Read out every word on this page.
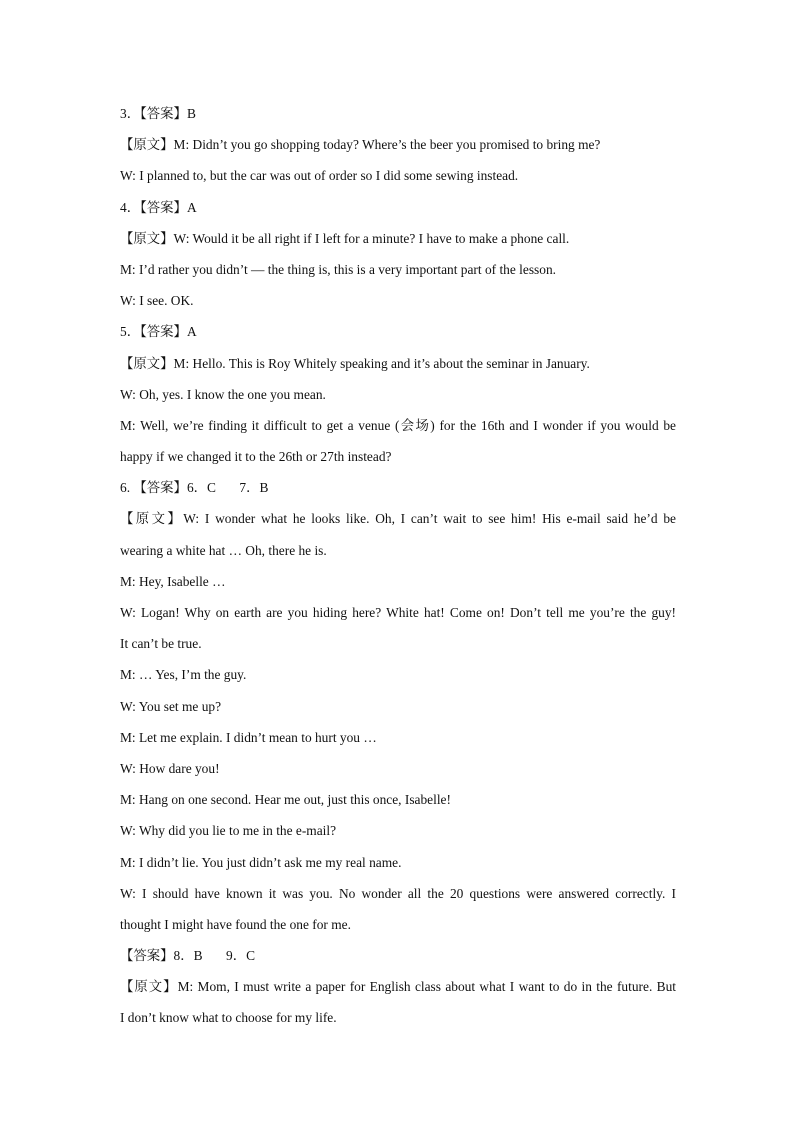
3．【答案】B
【原文】M: Didn’t you go shopping today? Where’s the beer you promised to bring me?
W: I planned to, but the car was out of order so I did some sewing instead.
4．【答案】A
【原文】W: Would it be all right if I left for a minute? I have to make a phone call.
M: I’d rather you didn’t — the thing is, this is a very important part of the lesson.
W: I see. OK.
5．【答案】A
【原文】M: Hello. This is Roy Whitely speaking and it’s about the seminar in January.
W: Oh, yes. I know the one you mean.
M: Well, we’re finding it difficult to get a venue (会场) for the 16th and I wonder if you would be
happy if we changed it to the 26th or 27th instead?
6. 【答案】6．C       7．B
【原文】W: I wonder what he looks like. Oh, I can’t wait to see him! His e-mail said he’d be
wearing a white hat … Oh, there he is.
M: Hey, Isabelle …
W: Logan! Why on earth are you hiding here? White hat! Come on! Don’t tell me you’re the guy!
It can’t be true.
M: … Yes, I’m the guy.
W: You set me up?
M: Let me explain. I didn’t mean to hurt you …
W: How dare you!
M: Hang on one second. Hear me out, just this once, Isabelle!
W: Why did you lie to me in the e-mail?
M: I didn’t lie. You just didn’t ask me my real name.
W: I should have known it was you. No wonder all the 20 questions were answered correctly. I
thought I might have found the one for me.
【答案】8．B       9．C
【原文】M: Mom, I must write a paper for English class about what I want to do in the future. But
I don’t know what to choose for my life.
